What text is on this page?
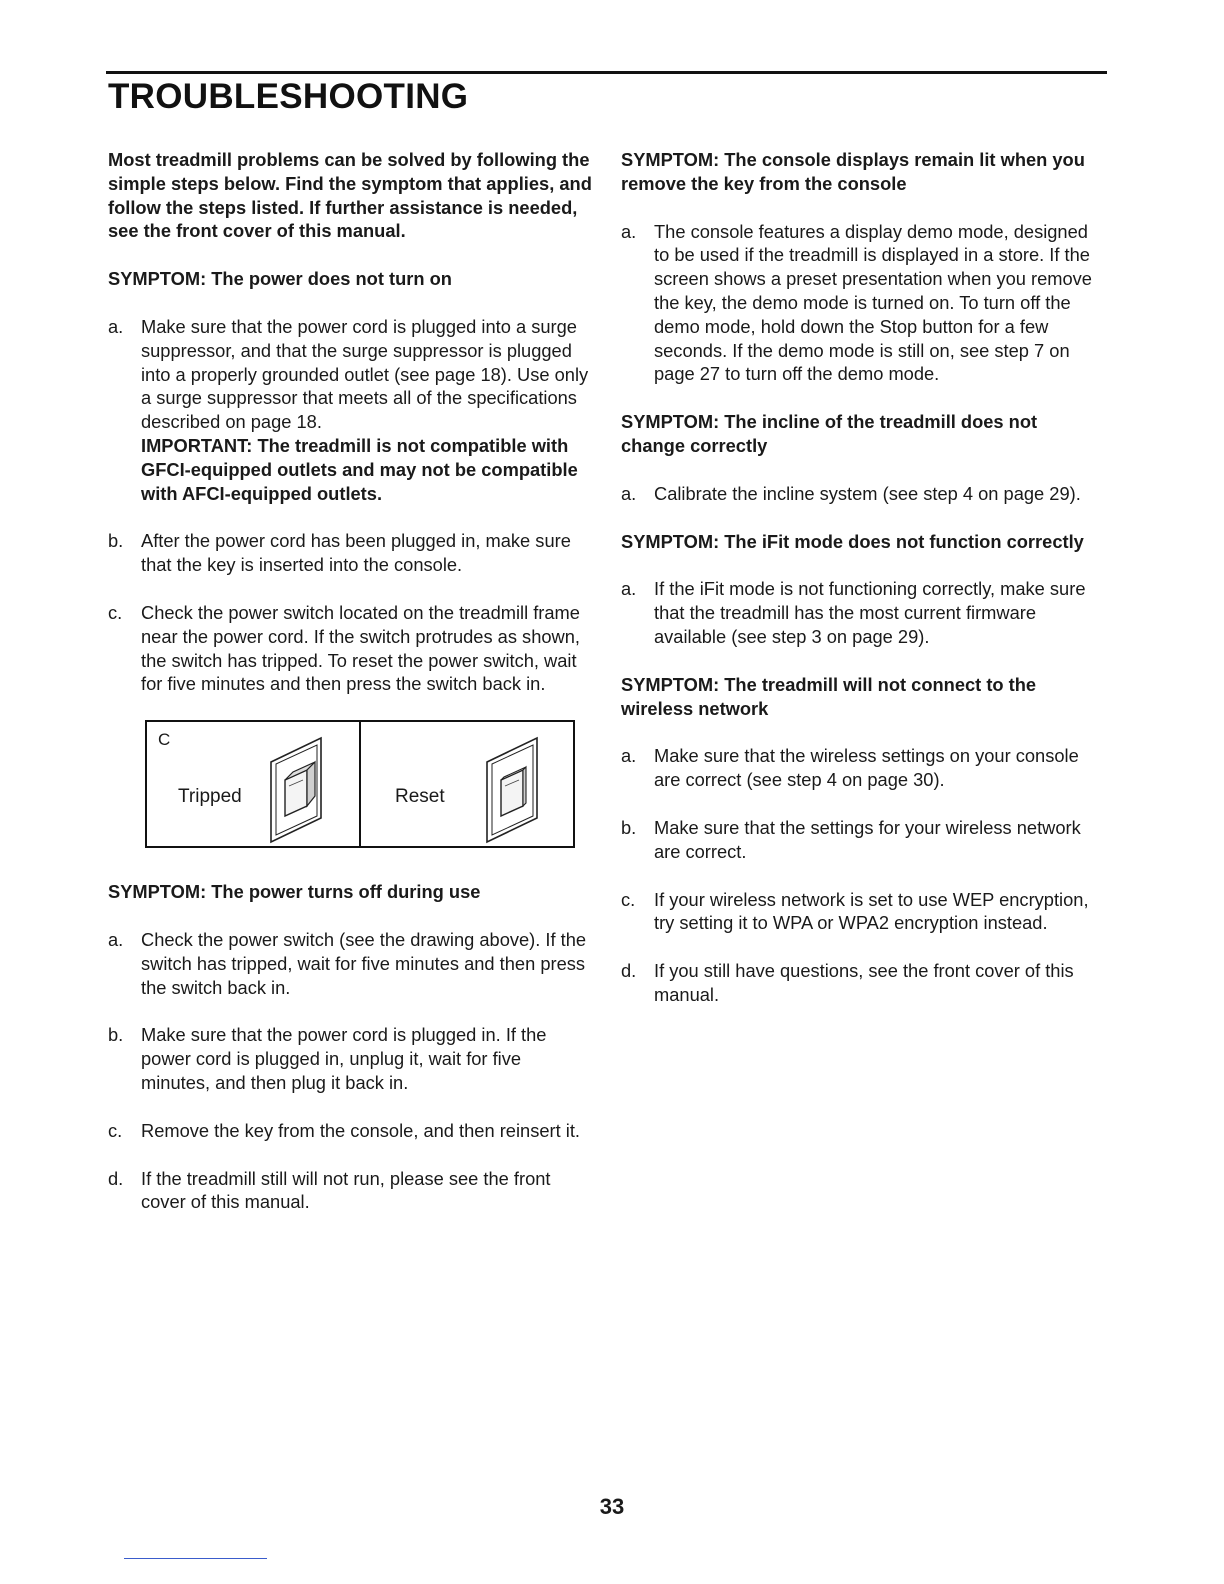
TROUBLESHOOTING

Most treadmill problems can be solved by following the simple steps below. Find the symptom that applies, and follow the steps listed. If further assistance is needed, see the front cover of this manual.

SYMPTOM: The power does not turn on

a. Make sure that the power cord is plugged into a surge suppressor, and that the surge suppressor is plugged into a properly grounded outlet (see page 18). Use only a surge suppressor that meets all of the specifications described on page 18.
IMPORTANT: The treadmill is not compatible with GFCI-equipped outlets and may not be compatible with AFCI-equipped outlets.
b. After the power cord has been plugged in, make sure that the key is inserted into the console.
c. Check the power switch located on the treadmill frame near the power cord. If the switch protrudes as shown, the switch has tripped. To reset the power switch, wait for five minutes and then press the switch back in.
C
Tripped	Reset

SYMPTOM: The power turns off during use

a. Check the power switch (see the drawing above). If the switch has tripped, wait for five minutes and then press the switch back in.
b. Make sure that the power cord is plugged in. If the power cord is plugged in, unplug it, wait for five minutes, and then plug it back in.
c. Remove the key from the console, and then reinsert it.
d. If the treadmill still will not run, please see the front cover of this manual.

SYMPTOM: The console displays remain lit when you remove the key from the console

a. The console features a display demo mode, designed to be used if the treadmill is displayed in a store. If the screen shows a preset presentation when you remove the key, the demo mode is turned on. To turn off the demo mode, hold down the Stop button for a few seconds. If the demo mode is still on, see step 7 on page 27 to turn off the demo mode.

SYMPTOM: The incline of the treadmill does not change correctly

a. Calibrate the incline system (see step 4 on page 29).

SYMPTOM: The iFit mode does not function correctly

a. If the iFit mode is not functioning correctly, make sure that the treadmill has the most current firmware available (see step 3 on page 29).

SYMPTOM: The treadmill will not connect to the wireless network

a. Make sure that the wireless settings on your console are correct (see step 4 on page 30).
b. Make sure that the settings for your wireless network are correct.
c. If your wireless network is set to use WEP encryption, try setting it to WPA or WPA2 encryption instead.
d. If you still have questions, see the front cover of this manual.
33
